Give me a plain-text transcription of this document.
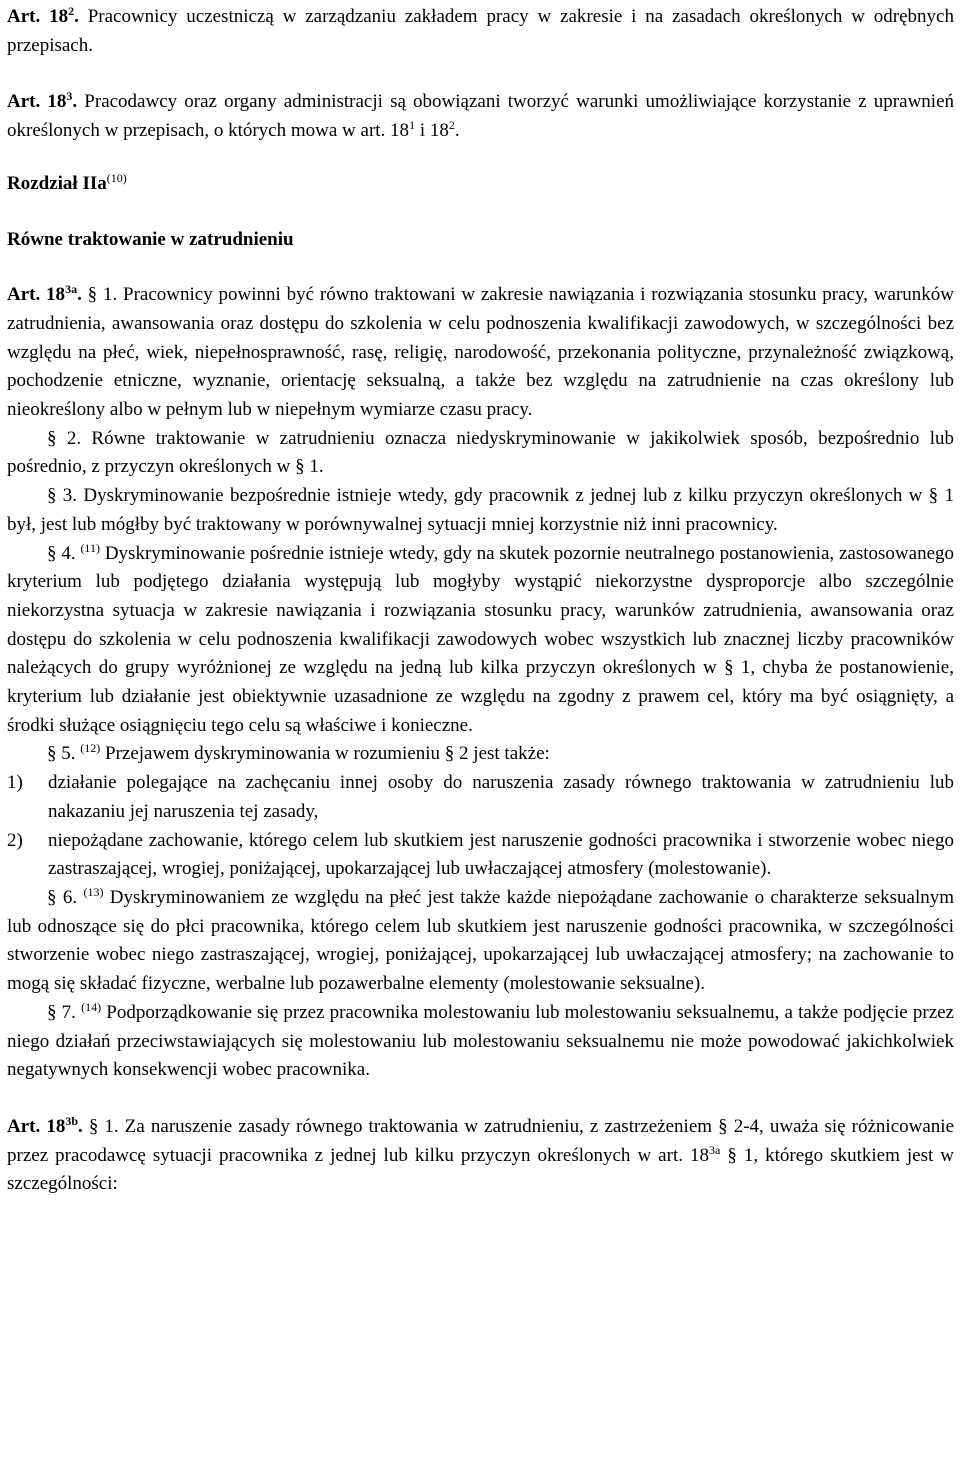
Art. $18^2$. Pracownicy uczestniczą w zarządzaniu zakładem pracy w zakresie i na zasadach określonych w odrębnych przepisach.

Art. $18^3$. Pracodawcy oraz organy administracji są obowiązani tworzyć warunki umożliwiające korzystanie z uprawnień określonych w przepisach, o których mowa w art. $18^1$ i $18^2$.

Rozdział IIa$^{(10)}$

Równe traktowanie w zatrudnieniu

Art. $18^{3a}$. § 1. Pracownicy powinni być równo traktowani w zakresie nawiązania i rozwiązania stosunku pracy, warunków zatrudnienia, awansowania oraz dostępu do szkolenia w celu podnoszenia kwalifikacji zawodowych, w szczególności bez względu na płeć, wiek, niepełnosprawność, rasę, religię, narodowość, przekonania polityczne, przynależność związkową, pochodzenie etniczne, wyznanie, orientację seksualną, a także bez względu na zatrudnienie na czas określony lub nieokreślony albo w pełnym lub w niepełnym wymiarze czasu pracy.

§ 2. Równe traktowanie w zatrudnieniu oznacza niedyskryminowanie w jakikolwiek sposób, bezpośrednio lub pośrednio, z przyczyn określonych w § 1.

§ 3. Dyskryminowanie bezpośrednie istnieje wtedy, gdy pracownik z jednej lub z kilku przyczyn określonych w § 1 był, jest lub mógłby być traktowany w porównywalnej sytuacji mniej korzystnie niż inni pracownicy.

§ 4. $^{(11)}$ Dyskryminowanie pośrednie istnieje wtedy, gdy na skutek pozornie neutralnego postanowienia, zastosowanego kryterium lub podjętego działania występują lub mogłyby wystąpić niekorzystne dysproporcje albo szczególnie niekorzystna sytuacja w zakresie nawiązania i rozwiązania stosunku pracy, warunków zatrudnienia, awansowania oraz dostępu do szkolenia w celu podnoszenia kwalifikacji zawodowych wobec wszystkich lub znacznej liczby pracowników należących do grupy wyróżnionej ze względu na jedną lub kilka przyczyn określonych w § 1, chyba że postanowienie, kryterium lub działanie jest obiektywnie uzasadnione ze względu na zgodny z prawem cel, który ma być osiągnięty, a środki służące osiągnięciu tego celu są właściwe i konieczne.

§ 5. $^{(12)}$ Przejawem dyskryminowania w rozumieniu § 2 jest także:

1)	działanie polegające na zachęcaniu innej osoby do naruszenia zasady równego traktowania w zatrudnieniu lub nakazaniu jej naruszenia tej zasady,
2)	niepożądane zachowanie, którego celem lub skutkiem jest naruszenie godności pracownika i stworzenie wobec niego zastraszającej, wrogiej, poniżającej, upokarzającej lub uwłaczającej atmosfery (molestowanie).

§ 6. $^{(13)}$ Dyskryminowaniem ze względu na płeć jest także każde niepożądane zachowanie o charakterze seksualnym lub odnoszące się do płci pracownika, którego celem lub skutkiem jest naruszenie godności pracownika, w szczególności stworzenie wobec niego zastraszającej, wrogiej, poniżającej, upokarzającej lub uwłaczającej atmosfery; na zachowanie to mogą się składać fizyczne, werbalne lub pozawerbalne elementy (molestowanie seksualne).

§ 7. $^{(14)}$ Podporządkowanie się przez pracownika molestowaniu lub molestowaniu seksualnemu, a także podjęcie przez niego działań przeciwstawiających się molestowaniu lub molestowaniu seksualnemu nie może powodować jakichkolwiek negatywnych konsekwencji wobec pracownika.

Art. $18^{3b}$. § 1. Za naruszenie zasady równego traktowania w zatrudnieniu, z zastrzeżeniem § 2-4, uważa się różnicowanie przez pracodawcę sytuacji pracownika z jednej lub kilku przyczyn określonych w art. $18^{3a}$ § 1, którego skutkiem jest w szczególności:
